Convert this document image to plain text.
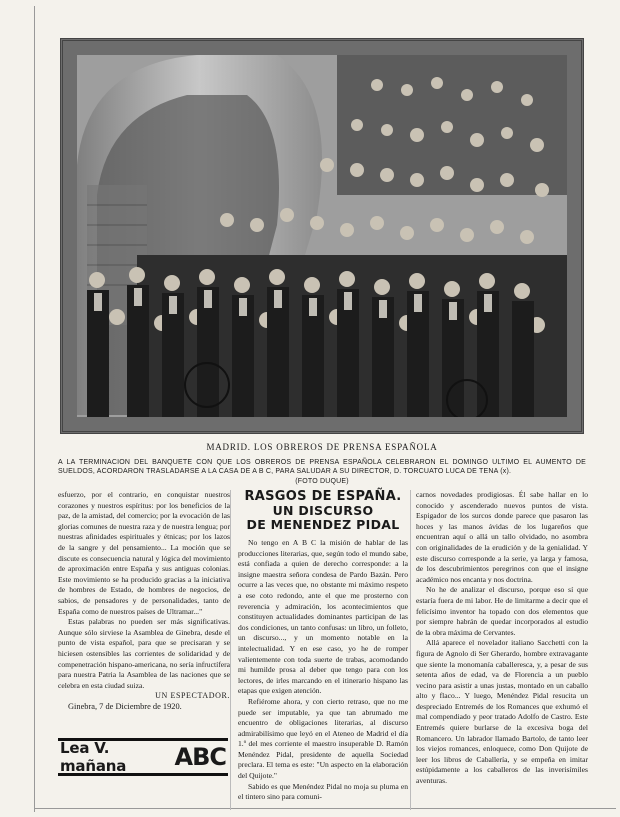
MADRID. LOS OBREROS DE PRENSA ESPAÑOLA
A LA TERMINACION DEL BANQUETE CON QUE LOS OBREROS DE PRENSA ESPAÑOLA CELEBRARON EL DOMINGO ULTIMO EL AUMENTO DE SUELDOS, ACORDARON TRASLADARSE A LA CASA DE A B C, PARA SALUDAR A SU DIRECTOR, D. TORCUATO LUCA DE TENA (x).
(FOTO DUQUE)

esfuerzo, por el contrario, en conquistar nuestros corazones y nuestros espíritus: por los beneficios de la paz, de la amistad, del comercio; por la evocación de las glorias comunes de nuestra raza y de nuestra lengua; por nuestras afinidades espirituales y étnicas; por los lazos de la sangre y del pensamiento... La moción que se discute es consecuencia natural y lógica del movimiento de aproximación entre España y sus antiguas colonias. Este movimiento se ha producido gracias a la iniciativa de hombres de Estado, de hombres de negocios, de sabios, de pensadores y de personalidades, tanto de España como de nuestros países de Ultramar..."

Estas palabras no pueden ser más significativas. Aunque sólo sirviese la Asamblea de Ginebra, desde el punto de vista español, para que se precisaran y se hiciesen ostensibles las corrientes de solidaridad y de compenetración hispano-americana, no sería infructífera para nuestra Patria la Asamblea de las naciones que se celebra en esta ciudad suiza.

UN ESPECTADOR.

Ginebra, 7 de Diciembre de 1920.

Lea V. mañana	ABC
RASGOS DE ESPAÑA.
UN DISCURSO
DE MENENDEZ PIDAL

No tengo en A B C la misión de hablar de las producciones literarias, que, según todo el mundo sabe, está confiada a quien de derecho corresponde: a la insigne maestra señora condesa de Pardo Bazán. Pero ocurre a las veces que, no obstante mi máximo respeto a ese coto redondo, ante el que me prosterno con reverencia y admiración, los acontecimientos que constituyen actualidades dominantes participan de las dos condiciones, un tanto confusas: un libro, un folleto, un discurso..., y un momento notable en la intelectualidad. Y en ese caso, yo he de romper valientemente con toda suerte de trabas, acomodando mi humilde prosa al deber que tengo para con los lectores, de irles marcando en el itinerario hispano las etapas que exigen atención.

Refiérome ahora, y con cierto retraso, que no me puede ser imputable, ya que tan abrumado me encuentro de obligaciones literarias, al discurso admirabilísimo que leyó en el Ateneo de Madrid el día 1.º del mes corriente el maestro insuperable D. Ramón Menéndez Pidal, presidente de aquella Sociedad preclara. El tema es este: "Un aspecto en la elaboración del Quijote."

Sabido es que Menéndez Pidal no moja su pluma en el tintero sino para comuni-

carnos novedades prodigiosas. Él sabe hallar en lo conocido y ascenderado nuevos puntos de vista. Espigador de los surcos donde parece que pasaron las hoces y las manos ávidas de los lugareños que encuentran aquí o allá un tallo olvidado, no asombra con originalidades de la erudición y de la genialidad. Y este discurso corresponde a la serie, ya larga y famosa, de los descubrimientos peregrinos con que el insigne académico nos encanta y nos doctrina.

No he de analizar el discurso, porque eso sí que estaría fuera de mi labor. He de limitarme a decir que el felicísimo inventor ha topado con dos elementos que por siempre habrán de quedar incorporados al estudio de la obra máxima de Cervantes.

Allá aparece el novelador italiano Sacchetti con la figura de Agnolo di Ser Gherardo, hombre extravagante que siente la monomanía caballeresca, y, a pesar de sus setenta años de edad, va de Florencia a un pueblo vecino para asistir a unas justas, montado en un caballo alto y flaco... Y luego, Menéndez Pidal resucita un despreciado Entremés de los Romances que exhumó el mal compendiado y peor tratado Adolfo de Castro. Este Entremés quiere burlarse de la excesiva boga del Romancero. Un labrador llamado Bartolo, de tanto leer los viejos romances, enloquece, como Don Quijote de leer los libros de Caballería, y se empeña en imitar estúpidamente a los caballeros de las inverisímiles aventuras.
